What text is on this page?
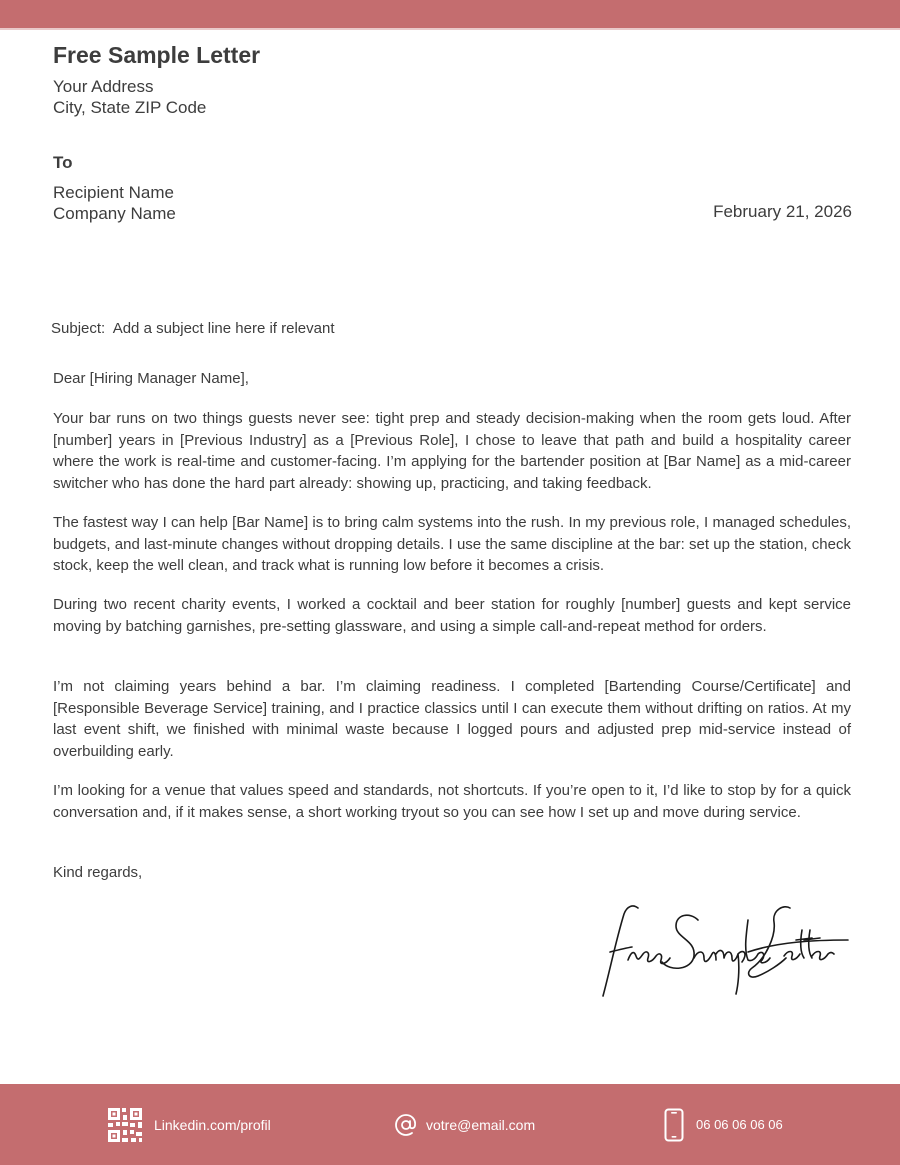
Free Sample Letter
Your Address
City, State ZIP Code
To
Recipient Name
Company Name	February 21, 2026
Subject:  Add a subject line here if relevant

Dear [Hiring Manager Name],

Your bar runs on two things guests never see: tight prep and steady decision-making when the room gets loud. After [number] years in [Previous Industry] as a [Previous Role], I chose to leave that path and build a hospitality career where the work is real-time and customer-facing. I’m applying for the bartender position at [Bar Name] as a mid-career switcher who has done the hard part already: showing up, practicing, and taking feedback.

The fastest way I can help [Bar Name] is to bring calm systems into the rush. In my previous role, I managed schedules, budgets, and last-minute changes without dropping details. I use the same discipline at the bar: set up the station, check stock, keep the well clean, and track what is running low before it becomes a crisis.

During two recent charity events, I worked a cocktail and beer station for roughly [number] guests and kept service moving by batching garnishes, pre-setting glassware, and using a simple call-and-repeat method for orders.

I’m not claiming years behind a bar. I’m claiming readiness. I completed [Bartending Course/Certificate] and [Responsible Beverage Service] training, and I practice classics until I can execute them without drifting on ratios. At my last event shift, we finished with minimal waste because I logged pours and adjusted prep mid-service instead of overbuilding early.

I’m looking for a venue that values speed and standards, not shortcuts. If you’re open to it, I’d like to stop by for a quick conversation and, if it makes sense, a short working tryout so you can see how I set up and move during service.

Kind regards,

Linkedin.com/profil	votre@email.com	06 06 06 06 06
